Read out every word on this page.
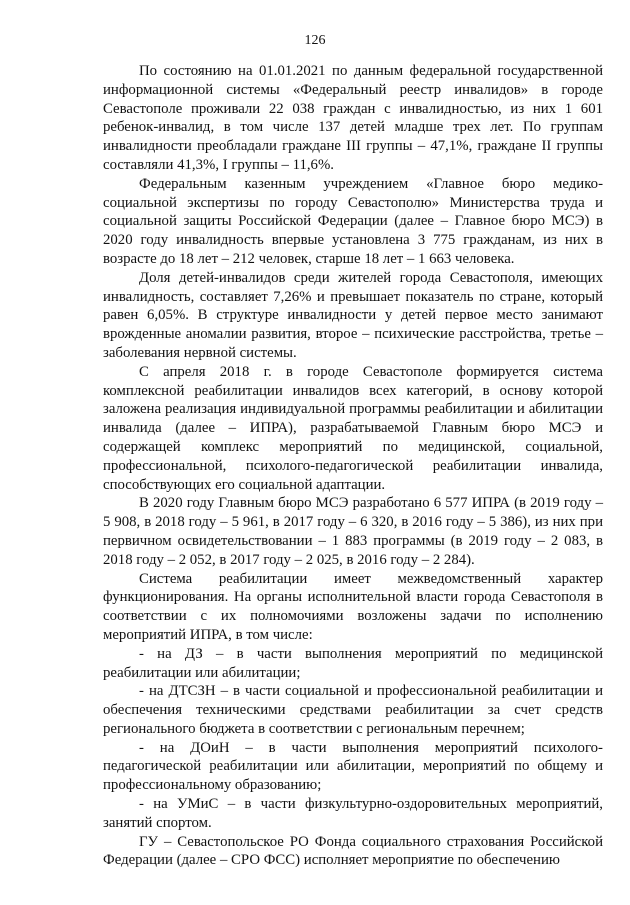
126

По состоянию на 01.01.2021 по данным федеральной государственной информационной системы «Федеральный реестр инвалидов» в городе Севастополе проживали 22 038 граждан с инвалидностью, из них 1 601 ребенок-инвалид, в том числе 137 детей младше трех лет. По группам инвалидности преобладали граждане III группы – 47,1%, граждане II группы составляли 41,3%, I группы – 11,6%.

Федеральным казенным учреждением «Главное бюро медико-социальной экспертизы по городу Севастополю» Министерства труда и социальной защиты Российской Федерации (далее – Главное бюро МСЭ) в 2020 году инвалидность впервые установлена 3 775 гражданам, из них в возрасте до 18 лет – 212 человек, старше 18 лет – 1 663 человека.

Доля детей-инвалидов среди жителей города Севастополя, имеющих инвалидность, составляет 7,26% и превышает показатель по стране, который равен 6,05%. В структуре инвалидности у детей первое место занимают врожденные аномалии развития, второе – психические расстройства, третье – заболевания нервной системы.

С апреля 2018 г. в городе Севастополе формируется система комплексной реабилитации инвалидов всех категорий, в основу которой заложена реализация индивидуальной программы реабилитации и абилитации инвалида (далее – ИПРА), разрабатываемой Главным бюро МСЭ и содержащей комплекс мероприятий по медицинской, социальной, профессиональной, психолого-педагогической реабилитации инвалида, способствующих его социальной адаптации.

В 2020 году Главным бюро МСЭ разработано 6 577 ИПРА (в 2019 году – 5 908, в 2018 году – 5 961, в 2017 году – 6 320, в 2016 году – 5 386), из них при первичном освидетельствовании – 1 883 программы (в 2019 году – 2 083, в 2018 году – 2 052, в 2017 году – 2 025, в 2016 году – 2 284).

Система реабилитации имеет межведомственный характер функционирования. На органы исполнительной власти города Севастополя в соответствии с их полномочиями возложены задачи по исполнению мероприятий ИПРА, в том числе:

- на ДЗ – в части выполнения мероприятий по медицинской реабилитации или абилитации;

- на ДТСЗН – в части социальной и профессиональной реабилитации и обеспечения техническими средствами реабилитации за счет средств регионального бюджета в соответствии с региональным перечнем;

- на ДОиН – в части выполнения мероприятий психолого-педагогической реабилитации или абилитации, мероприятий по общему и профессиональному образованию;

- на УМиС – в части физкультурно-оздоровительных мероприятий, занятий спортом.

ГУ – Севастопольское РО Фонда социального страхования Российской Федерации (далее – СРО ФСС) исполняет мероприятие по обеспечению
